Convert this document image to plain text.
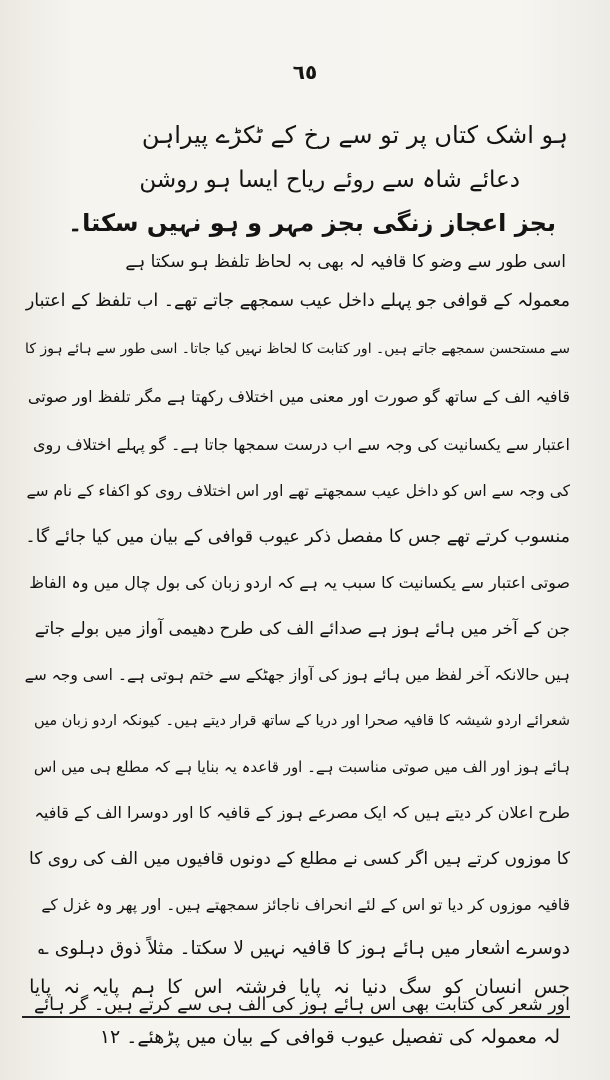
٦٥
ہو اشک کتاں پر تو سے رخ کے ٹکڑے پیراہن
دعائے شاہ سے روئے ریاح ایسا ہو روشن
بجز اعجاز زنگی بجز مہر و ہو نہیں سکتا۔
اسی طور سے وضو کا قافیہ لہ بھی بہ لحاظ تلفظ ہو سکتا ہے
معمولہ کے قوافی جو پہلے داخل عیب سمجھے جاتے تھے۔ اب تلفظ کے اعتبار
سے مستحسن سمجھے جاتے ہیں۔ اور کتابت کا لحاظ نہیں کیا جاتا۔ اسی طور سے ہائے ہوز کا
قافیہ الف کے ساتھ گو صورت اور معنی میں اختلاف رکھتا ہے مگر تلفظ اور صوتی
اعتبار سے یکسانیت کی وجہ سے اب درست سمجھا جاتا ہے۔ گو پہلے اختلاف روی
کی وجہ سے اس کو داخل عیب سمجھتے تھے اور اس اختلاف روی کو اکفاء کے نام سے
منسوب کرتے تھے جس کا مفصل ذکر عیوب قوافی کے بیان میں کیا جائے گا۔
صوتی اعتبار سے یکسانیت کا سبب یہ ہے کہ اردو زبان کی بول چال میں وہ الفاظ
جن کے آخر میں ہائے ہوز ہے صدائے الف کی طرح دھیمی آواز میں بولے جاتے
ہیں حالانکہ آخر لفظ میں ہائے ہوز کی آواز جھٹکے سے ختم ہوتی ہے۔ اسی وجہ سے
شعرائے اردو شیشہ کا قافیہ صحرا اور دریا کے ساتھ قرار دیتے ہیں۔ کیونکہ اردو زبان میں
ہائے ہوز اور الف میں صوتی مناسبت ہے۔ اور قاعدہ یہ بنایا ہے کہ مطلع ہی میں اس
طرح اعلان کر دیتے ہیں کہ ایک مصرعے ہوز کے قافیہ کا اور دوسرا الف کے قافیہ
کا موزوں کرتے ہیں اگر کسی نے مطلع کے دونوں قافیوں میں الف کی روی کا
قافیہ موزوں کر دیا تو اس کے لئے انحراف ناجائز سمجھتے ہیں۔ اور پھر وہ غزل کے
دوسرے اشعار میں ہائے ہوز کا قافیہ نہیں لا سکتا۔ مثلاً ذوق دہلوی ؎
جس انسان کو سگ دنیا نہ پایا فرشتہ اس کا ہم پایہ نہ پایا
اور شعر کی کتابت بھی اس ہائے ہوز کی الف ہی سے کرتے ہیں۔ گر ہائے
لہ معمولہ کی تفصیل عیوب قوافی کے بیان میں پڑھئے۔ ١٢
